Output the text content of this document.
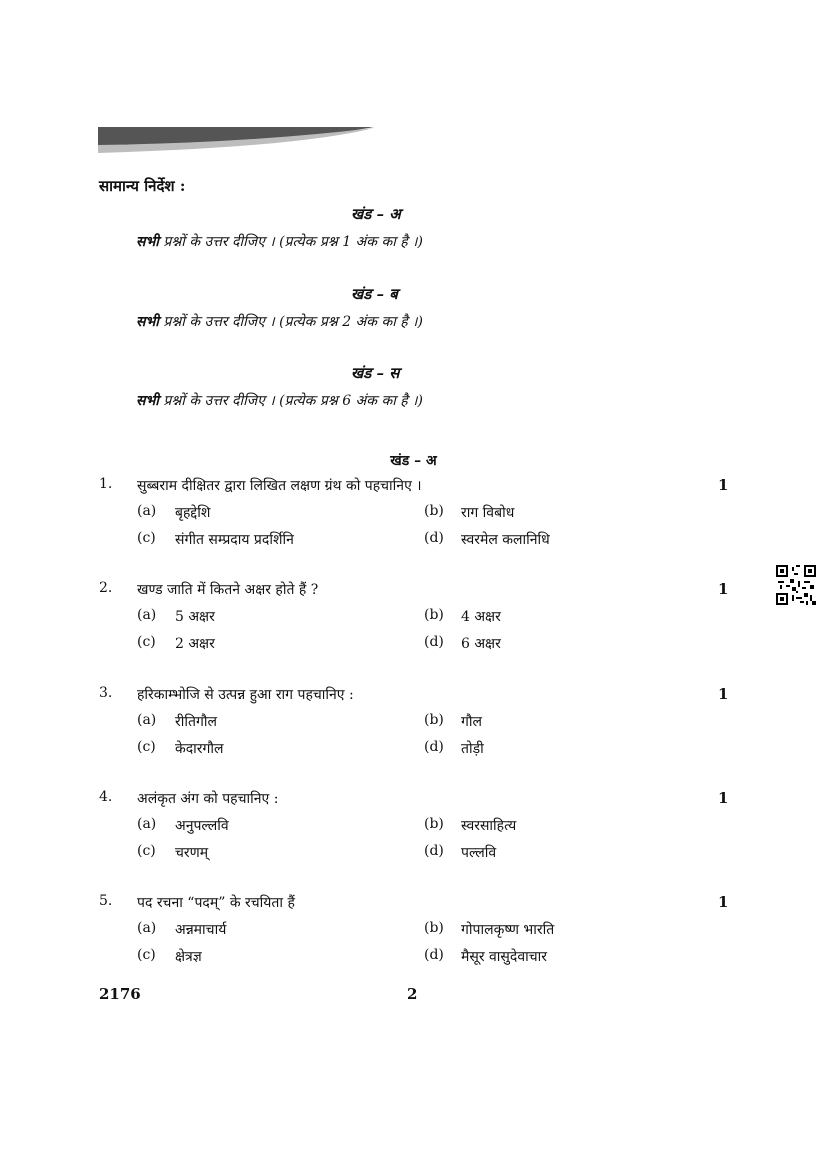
सामान्य निर्देश :
खंड – अ
सभी प्रश्नों के उत्तर दीजिए । (प्रत्येक प्रश्न 1 अंक का है ।)
खंड – ब
सभी प्रश्नों के उत्तर दीजिए । (प्रत्येक प्रश्न 2 अंक का है ।)
खंड – स
सभी प्रश्नों के उत्तर दीजिए । (प्रत्येक प्रश्न 6 अंक का है ।)
खंड – अ
1. सुब्बराम दीक्षितर द्वारा लिखित लक्षण ग्रंथ को पहचानिए ।	1
(a) बृहद्देशि	(b) राग विबोध
(c) संगीत सम्प्रदाय प्रदर्शिनि	(d) स्वरमेल कलानिधि
2. खण्ड जाति में कितने अक्षर होते हैं ?	1
(a) 5 अक्षर	(b) 4 अक्षर
(c) 2 अक्षर	(d) 6 अक्षर
3. हरिकाम्भोजि से उत्पन्न हुआ राग पहचानिए :	1
(a) रीतिगौल	(b) गौल
(c) केदारगौल	(d) तोड़ी
4. अलंकृत अंग को पहचानिए :	1
(a) अनुपल्लवि	(b) स्वरसाहित्य
(c) चरणम्	(d) पल्लवि
5. पद रचना “पदम्” के रचयिता हैं	1
(a) अन्नमाचार्य	(b) गोपालकृष्ण भारति
(c) क्षेत्रज्ञ	(d) मैसूर वासुदेवाचार
2176	2
